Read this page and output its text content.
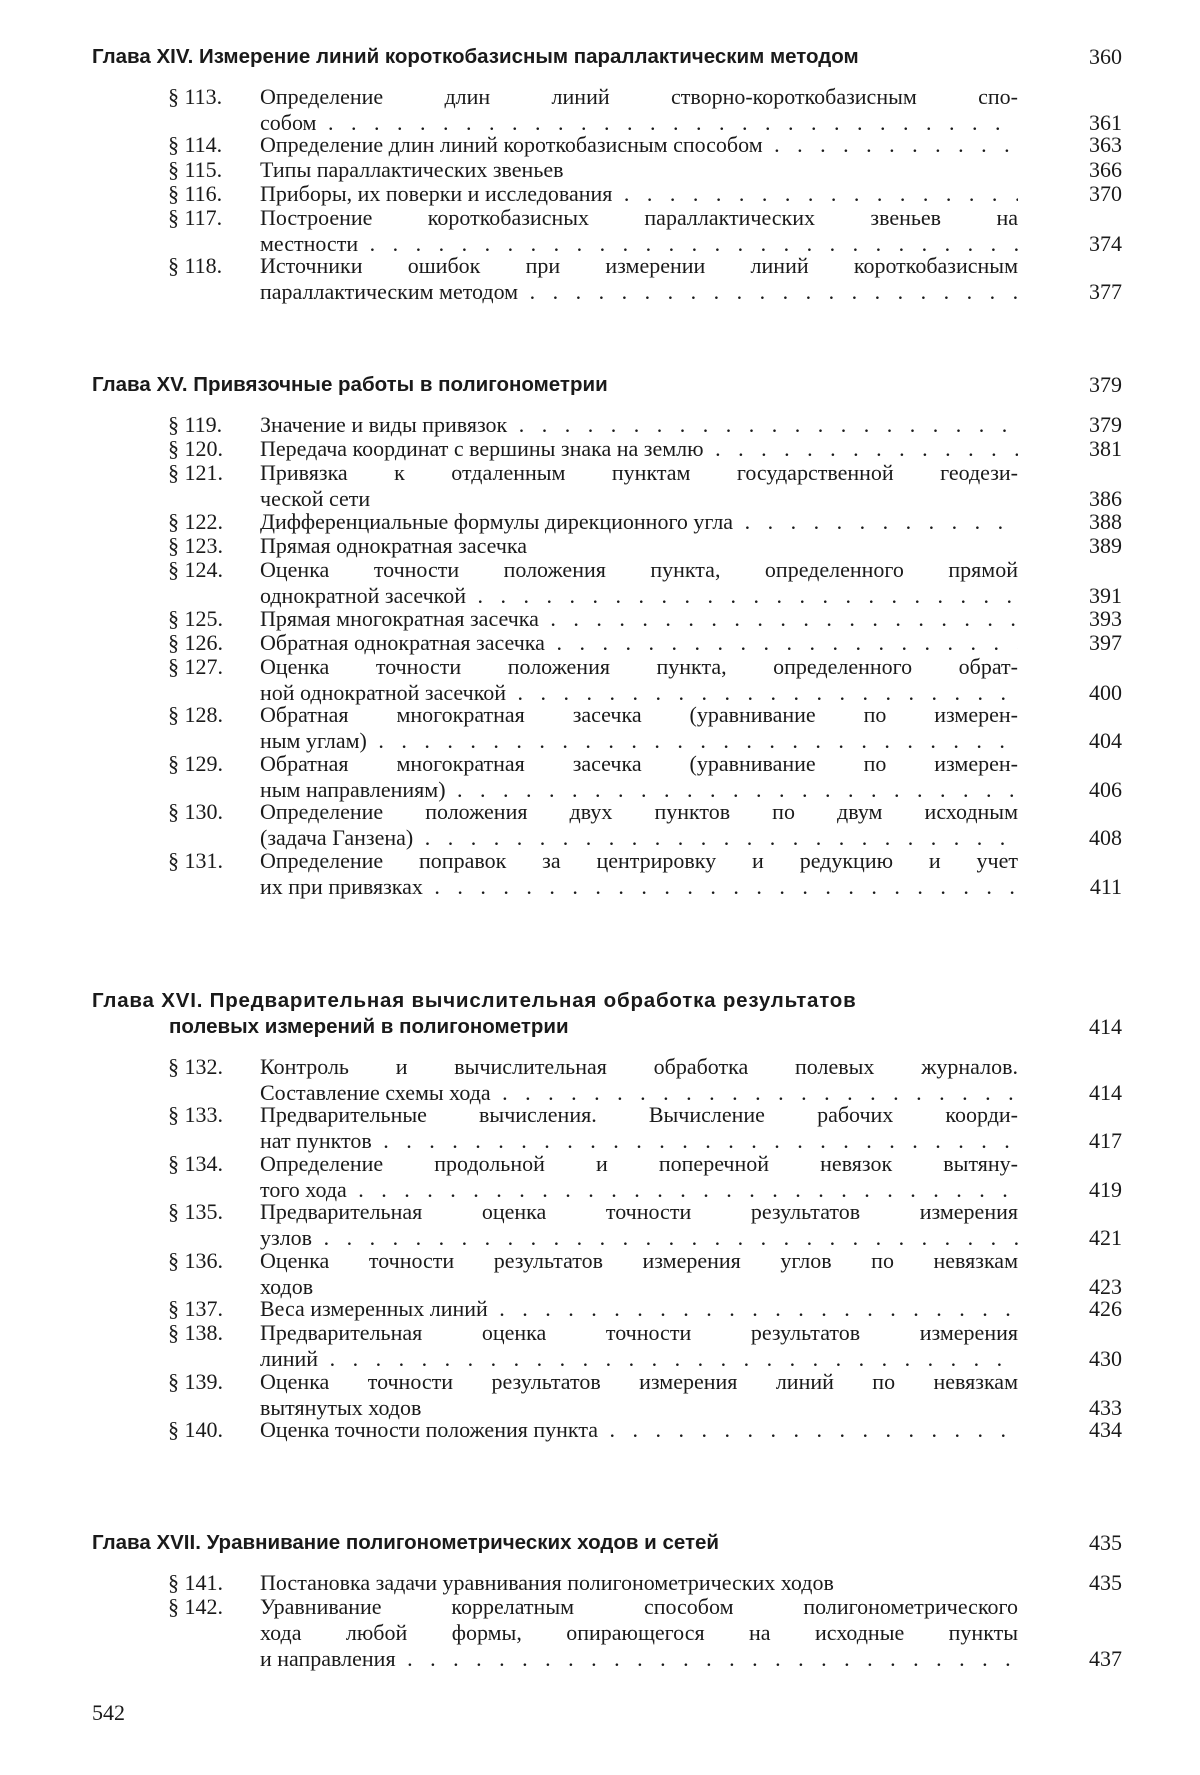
Глава XIV. Измерение линий короткобазисным параллактическим методом	360
§ 113.	Определение длин линий створно-короткобазисным спо-
собом . . .	361
§ 114.	Определение длин линий короткобазисным способом . . .	363
§ 115.	Типы параллактических звеньев	366
§ 116.	Приборы, их поверки и исследования . . .	370
§ 117.	Построение короткобазисных параллактических звеньев на
местности . . .	374
§ 118.	Источники ошибок при измерении линий короткобазисным
параллактическим методом . . .	377
Глава XV. Привязочные работы в полигонометрии	379
§ 119.	Значение и виды привязок . . .	379
§ 120.	Передача координат с вершины знака на землю . . .	381
§ 121.	Привязка к отдаленным пунктам государственной геодези-
ческой сети	386
§ 122.	Дифференциальные формулы дирекционного угла . . .	388
§ 123.	Прямая однократная засечка	389
§ 124.	Оценка точности положения пункта, определенного прямой
однократной засечкой . . .	391
§ 125.	Прямая многократная засечка . . .	393
§ 126.	Обратная однократная засечка . . .	397
§ 127.	Оценка точности положения пункта, определенного обрат-
ной однократной засечкой . . .	400
§ 128.	Обратная многократная засечка (уравнивание по измерен-
ным углам) . . .	404
§ 129.	Обратная многократная засечка (уравнивание по измерен-
ным направлениям) . . .	406
§ 130.	Определение положения двух пунктов по двум исходным
(задача Ганзена) . . .	408
§ 131.	Определение поправок за центрировку и редукцию и учет
их при привязках . . .	411
Глава XVI. Предварительная вычислительная обработка результатов
полевых измерений в полигонометрии	414
§ 132.	Контроль и вычислительная обработка полевых журналов.
Составление схемы хода . . .	414
§ 133.	Предварительные вычисления. Вычисление рабочих коорди-
нат пунктов . . .	417
§ 134.	Определение продольной и поперечной невязок вытяну-
того хода . . .	419
§ 135.	Предварительная оценка точности результатов измерения
узлов . . .	421
§ 136.	Оценка точности результатов измерения углов по невязкам
ходов	423
§ 137.	Веса измеренных линий . . .	426
§ 138.	Предварительная оценка точности результатов измерения
линий . . .	430
§ 139.	Оценка точности результатов измерения линий по невязкам
вытянутых ходов	433
§ 140.	Оценка точности положения пункта . . .	434
Глава XVII. Уравнивание полигонометрических ходов и сетей	435
§ 141.	Постановка задачи уравнивания полигонометрических ходов	435
§ 142.	Уравнивание коррелатным способом полигонометрического
хода любой формы, опирающегося на исходные пункты
и направления . . .	437
542
